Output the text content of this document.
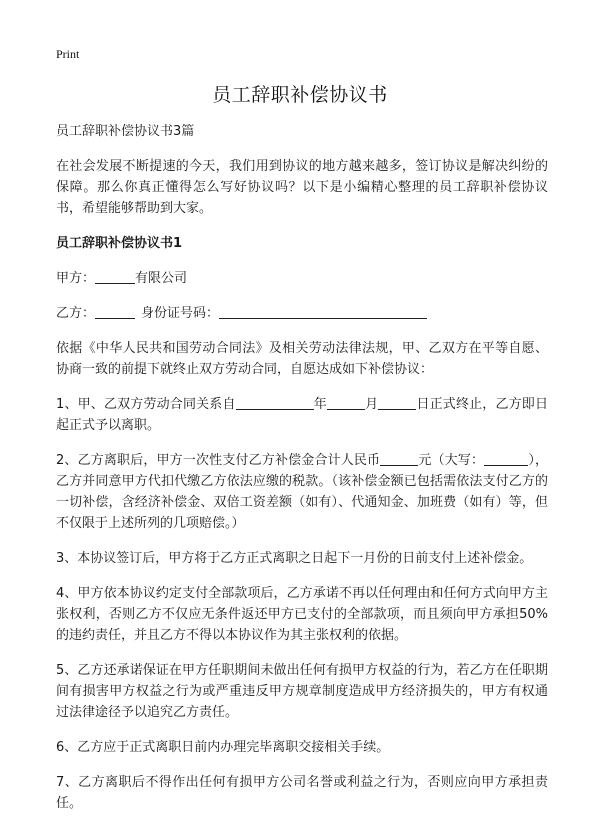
Print
员工辞职补偿协议书

员工辞职补偿协议书3篇

在社会发展不断提速的今天，我们用到协议的地方越来越多，签订协议是解决纠纷的保障。那么你真正懂得怎么写好协议吗？以下是小编精心整理的员工辞职补偿协议书，希望能够帮助到大家。

员工辞职补偿协议书1

甲方：	有限公司

乙方：	身份证号码：

依据《中华人民共和国劳动合同法》及相关劳动法律法规，甲、乙双方在平等自愿、协商一致的前提下就终止双方劳动合同，自愿达成如下补偿协议：

1、甲、乙双方劳动合同关系自	年	月	日正式终止，乙方即日起正式予以离职。

2、乙方离职后，甲方一次性支付乙方补偿金合计人民币	元（大写：	），乙方并同意甲方代扣代缴乙方依法应缴的税款。（该补偿金额已包括需依法支付乙方的一切补偿，含经济补偿金、双倍工资差额（如有）、代通知金、加班费（如有）等，但不仅限于上述所列的几项赔偿。）

3、本协议签订后，甲方将于乙方正式离职之日起下一月份的日前支付上述补偿金。

4、甲方依本协议约定支付全部款项后，乙方承诺不再以任何理由和任何方式向甲方主张权利，否则乙方不仅应无条件返还甲方已支付的全部款项，而且须向甲方承担50%的违约责任，并且乙方不得以本协议作为其主张权利的依据。

5、乙方还承诺保证在甲方任职期间未做出任何有损甲方权益的行为，若乙方在任职期间有损害甲方权益之行为或严重违反甲方规章制度造成甲方经济损失的，甲方有权通过法律途径予以追究乙方责任。

6、乙方应于正式离职日前内办理完毕离职交接相关手续。

7、乙方离职后不得作出任何有损甲方公司名誉或利益之行为，否则应向甲方承担责任。
